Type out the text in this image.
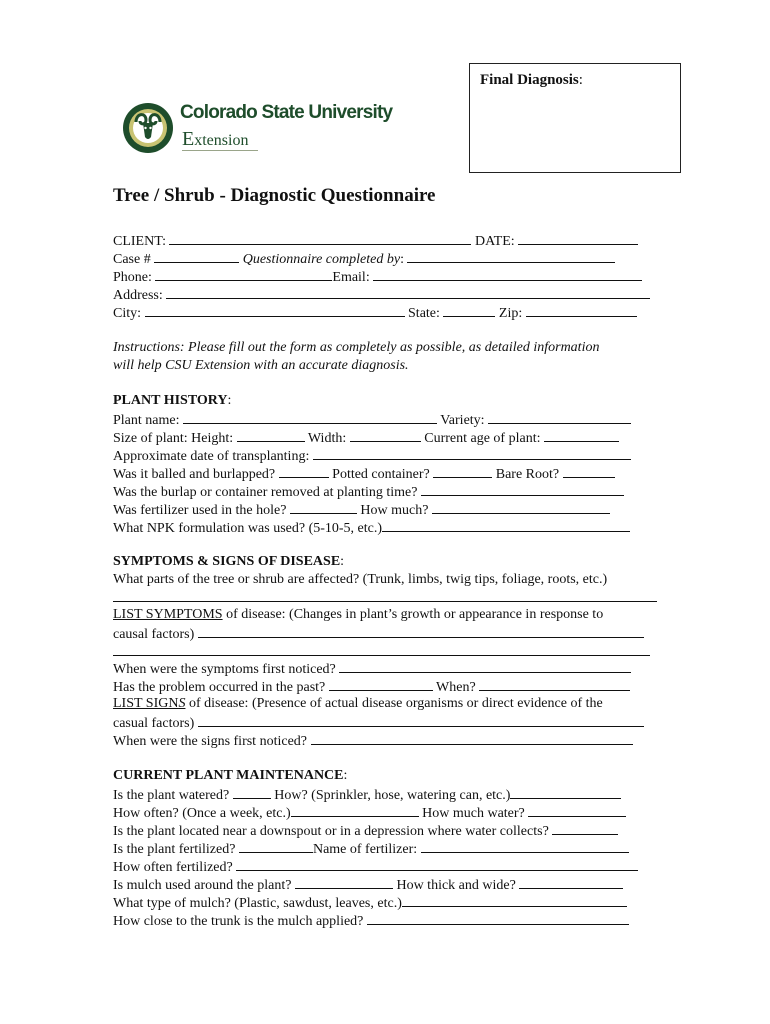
Final Diagnosis:
Colorado State University
Extension
Tree / Shrub - Diagnostic Questionnaire
CLIENT:	DATE:
Case #	Questionnaire completed by:
Phone:	Email:
Address:
City:	State:	Zip:
Instructions: Please fill out the form as completely as possible, as detailed information
will help CSU Extension with an accurate diagnosis.
PLANT HISTORY:
Plant name:	Variety:
Size of plant: Height:	Width:	Current age of plant:
Approximate date of transplanting:
Was it balled and burlapped?	Potted container?	Bare Root?
Was the burlap or container removed at planting time?
Was fertilizer used in the hole?	How much?
What NPK formulation was used? (5-10-5, etc.)
SYMPTOMS & SIGNS OF DISEASE:
What parts of the tree or shrub are affected? (Trunk, limbs, twig tips, foliage, roots, etc.)
LIST SYMPTOMS of disease: (Changes in plant’s growth or appearance in response to
causal factors)
When were the symptoms first noticed?
Has the problem occurred in the past?	When?
LIST SIGNS of disease: (Presence of actual disease organisms or direct evidence of the
casual factors)
When were the signs first noticed?
CURRENT PLANT MAINTENANCE:
Is the plant watered?	How? (Sprinkler, hose, watering can, etc.)
How often? (Once a week, etc.)	How much water?
Is the plant located near a downspout or in a depression where water collects?
Is the plant fertilized?	Name of fertilizer:
How often fertilized?
Is mulch used around the plant?	How thick and wide?
What type of mulch? (Plastic, sawdust, leaves, etc.)
How close to the trunk is the mulch applied?
